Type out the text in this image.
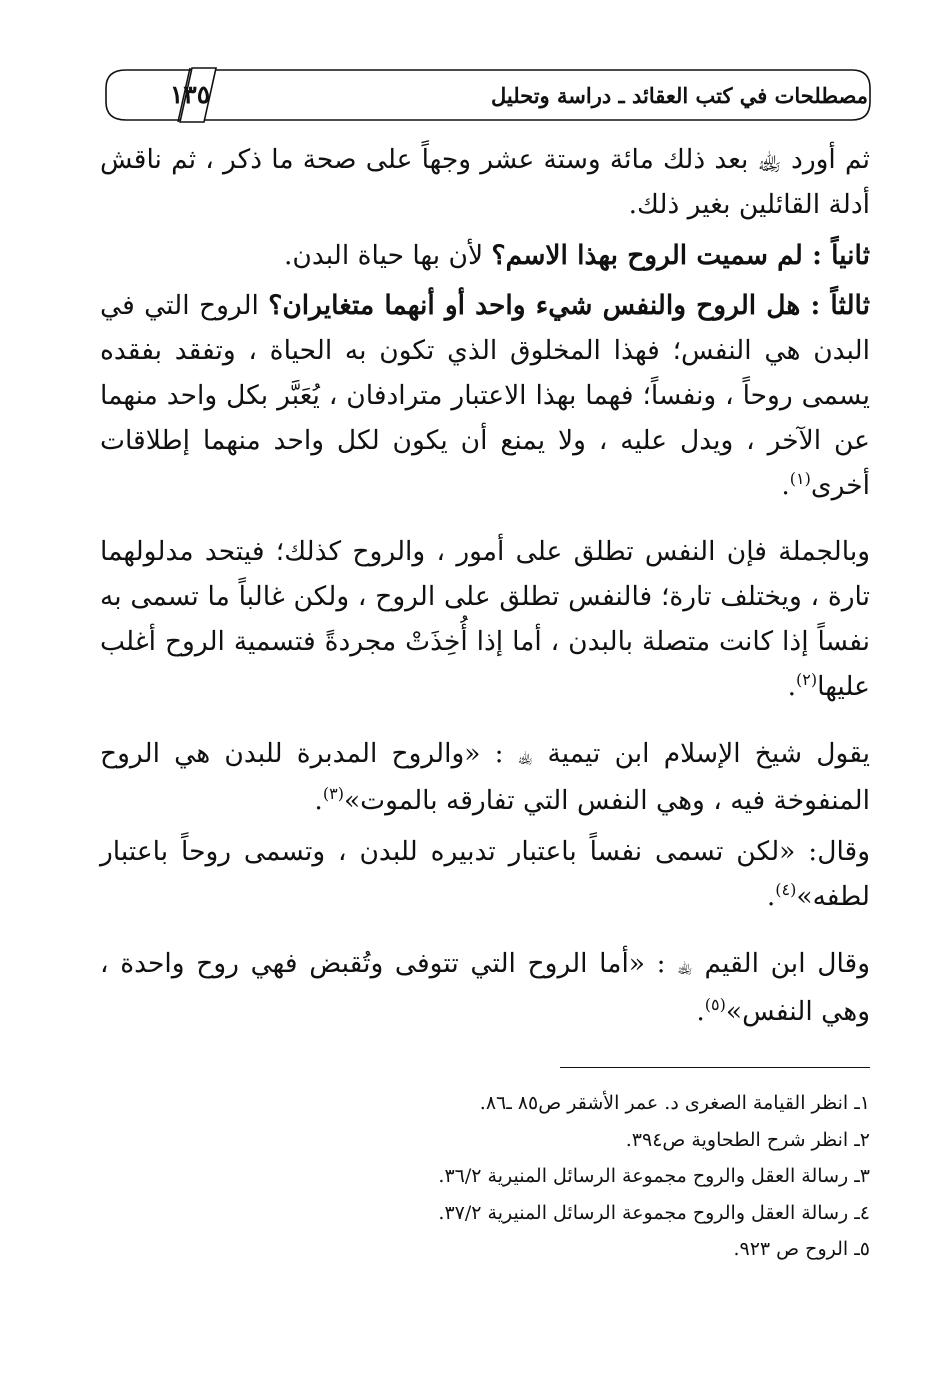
١٣٥	مصطلحات في كتب العقائد ـ دراسة وتحليل

ثم أورد ﵀ بعد ذلك مائة وستة عشر وجهاً على صحة ما ذكر ، ثم ناقش أدلة القائلين بغير ذلك.

ثانياً : لم سميت الروح بهذا الاسم؟ لأن بها حياة البدن.

ثالثاً : هل الروح والنفس شيء واحد أو أنهما متغايران؟ الروح التي في البدن هي النفس؛ فهذا المخلوق الذي تكون به الحياة ، وتفقد بفقده يسمى روحاً ، ونفساً؛ فهما بهذا الاعتبار مترادفان ، يُعَبَّر بكل واحد منهما عن الآخر ، ويدل عليه ، ولا يمنع أن يكون لكل واحد منهما إطلاقات أخرى$^{(١)}$.

وبالجملة فإن النفس تطلق على أمور ، والروح كذلك؛ فيتحد مدلولهما تارة ، ويختلف تارة؛ فالنفس تطلق على الروح ، ولكن غالباً ما تسمى به نفساً إذا كانت متصلة بالبدن ، أما إذا أُخِذَتْ مجردةً فتسمية الروح أغلب عليها$^{(٢)}$.

يقول شيخ الإسلام ابن تيمية ﵀ : «والروح المدبرة للبدن هي الروح المنفوخة فيه ، وهي النفس التي تفارقه بالموت»$^{(٣)}$.

وقال: «لكن تسمى نفساً باعتبار تدبيره للبدن ، وتسمى روحاً باعتبار لطفه»$^{(٤)}$.

وقال ابن القيم ﵀ : «أما الروح التي تتوفى وتُقبض فهي روح واحدة ، وهي النفس»$^{(٥)}$.

١ـ انظر القيامة الصغرى د. عمر الأشقر ص٨٥ ـ٨٦.
٢ـ انظر شرح الطحاوية ص٣٩٤.
٣ـ رسالة العقل والروح مجموعة الرسائل المنيرية ٣٦/٢.
٤ـ رسالة العقل والروح مجموعة الرسائل المنيرية ٣٧/٢.
٥ـ الروح ص ٩٢٣.
